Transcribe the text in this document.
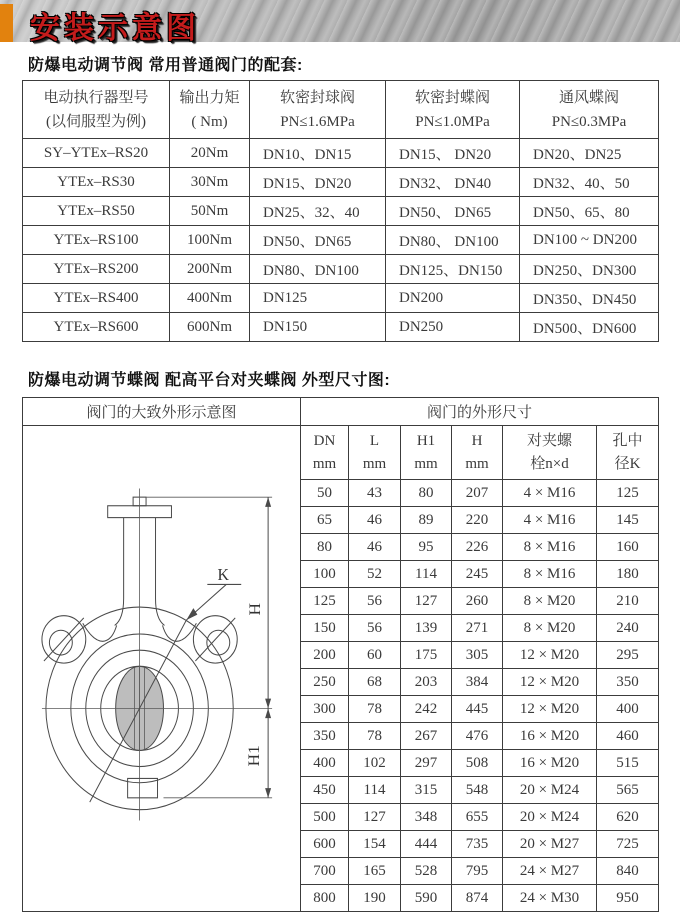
安装示意图
防爆电动调节阀 常用普通阀门的配套:
电动执行器型号
(以伺服型为例)

输出力矩
( Nm)

软密封球阀
PN≤1.6MPa

软密封蝶阀
PN≤1.0MPa

通风蝶阀
PN≤0.3MPa

SY–YTEx–RS20	20Nm	DN10、DN15	DN15、 DN20	DN20、DN25
YTEx–RS30	30Nm	DN15、DN20	DN32、 DN40	DN32、40、50
YTEx–RS50	50Nm	DN25、32、40	DN50、 DN65	DN50、65、80
YTEx–RS100	100Nm	DN50、DN65	DN80、 DN100	DN100 ~ DN200
YTEx–RS200	200Nm	DN80、DN100	DN125、DN150	DN250、DN300
YTEx–RS400	400Nm	DN125	DN200	DN350、DN450
YTEx–RS600	600Nm	DN150	DN250	DN500、DN600
防爆电动调节蝶阀 配高平台对夹蝶阀 外型尺寸图:
阀门的大致外形示意图	阀门的外形尺寸					

K
H
H1

DN
mm

L
mm

H1
mm

H
mm

对夹螺
栓n×d

孔中
径K

	50	43	80	207	4 × M16	125
	65	46	89	220	4 × M16	145
	80	46	95	226	8 × M16	160
	100	52	114	245	8 × M16	180
	125	56	127	260	8 × M20	210
	150	56	139	271	8 × M20	240
	200	60	175	305	12 × M20	295
	250	68	203	384	12 × M20	350
	300	78	242	445	12 × M20	400
	350	78	267	476	16 × M20	460
	400	102	297	508	16 × M20	515
	450	114	315	548	20 × M24	565
	500	127	348	655	20 × M24	620
	600	154	444	735	20 × M27	725
	700	165	528	795	24 × M27	840
	800	190	590	874	24 × M30	950
